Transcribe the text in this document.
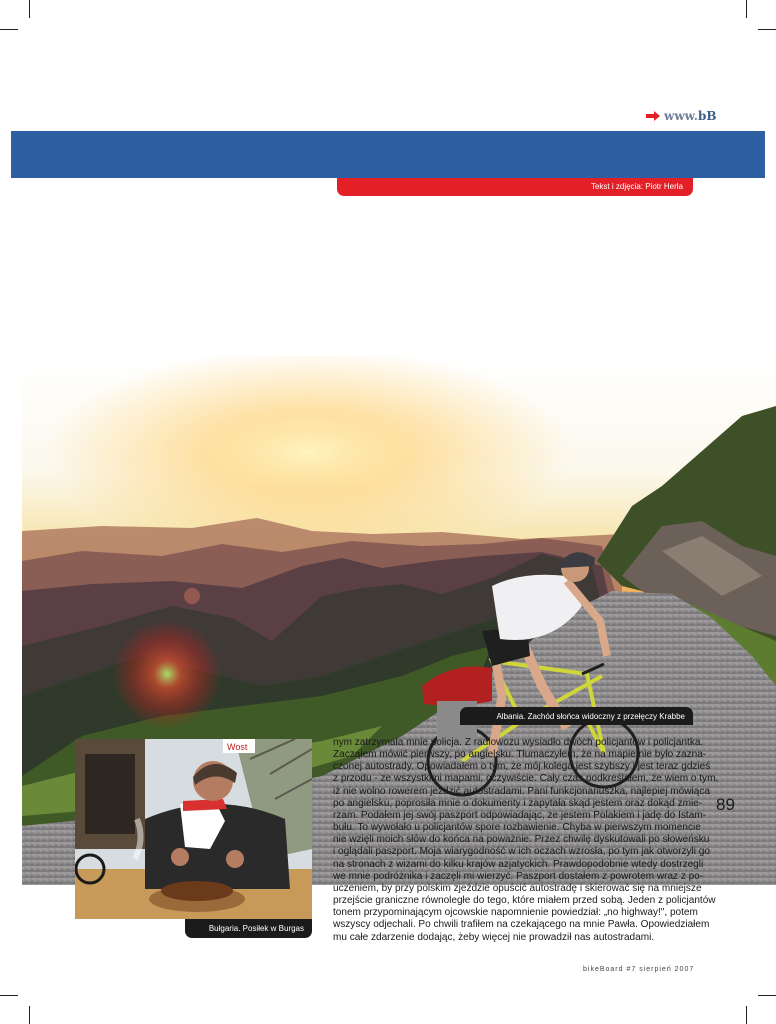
www.bB
Tekst i zdjęcia: Piotr Herla
Albania. Zachód słońca widoczny z przełęczy Krabbe
Wost
Bułgaria. Posiłek w Burgas
nym zatrzymała mnie policja. Z radiowozu wysiadło dwóch policjantów i policjantka.
Zacząłem mówić pierwszy, po angielsku. Tłumaczyłem, że na mapie nie było zazna-
czonej autostrady. Opowiadałem o tym, że mój kolega jest szybszy i jest teraz gdzieś
z przodu - ze wszystkimi mapami, oczywiście. Cały czas podkreślałem, że wiem o tym,
iż nie wolno rowerem jeździć autostradami. Pani funkcjonariuszka, najlepiej mówiąca
po angielsku, poprosiła mnie o dokumenty i zapytała skąd jestem oraz dokąd zmie-
rzam. Podałem jej swój paszport odpowiadając, że jestem Polakiem i jadę do Istam-
bułu. To wywołało u policjantów spore rozbawienie. Chyba w pierwszym momencie
nie wzięli moich słów do końca na poważnie. Przez chwilę dyskutowali po słoweńsku
i oglądali paszport. Moja wiarygodność w ich oczach wzrosła, po tym jak otworzyli go
na stronach z wizami do kilku krajów azjatyckich. Prawdopodobnie wtedy dostrzegli
we mnie podróżnika i zaczęli mi wierzyć. Paszport dostałem z powrotem wraz z po-
uczeniem, by przy polskim zjeździe opuścić autostradę i skierować się na mniejsze
przejście graniczne równoległe do tego, które miałem przed sobą. Jeden z policjantów
tonem przypominającym ojcowskie napomnienie powiedział: „no highway!", potem
wszyscy odjechali. Po chwili trafiłem na czekającego na mnie Pawła. Opowiedziałem
mu całe zdarzenie dodając, żeby więcej nie prowadził nas autostradami.
89
bikeBoard #7 sierpień 2007
